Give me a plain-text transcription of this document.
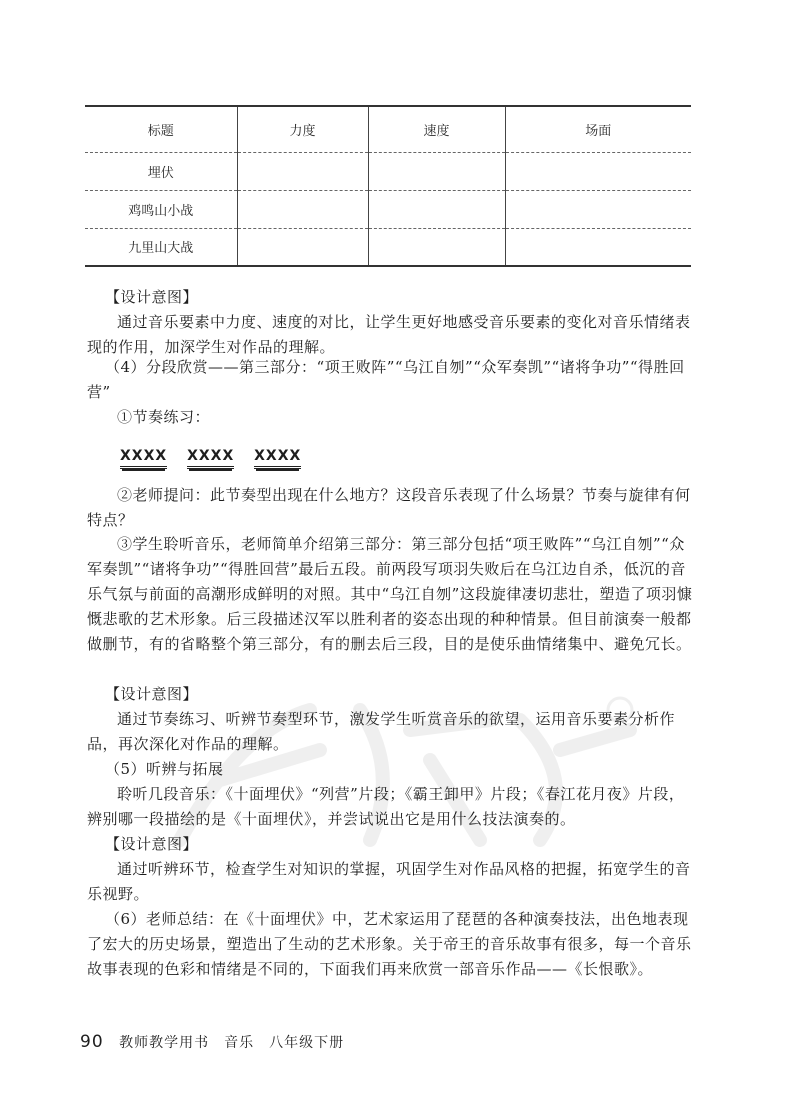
标题	力度	速度	场面
埋伏			
鸡鸣山小战			
九里山大战			

【设计意图】

通过音乐要素中力度、速度的对比，让学生更好地感受音乐要素的变化对音乐情绪表现的作用，加深学生对作品的理解。

（4）分段欣赏——第三部分：“项王败阵”“乌江自刎”“众军奏凯”“诸将争功”“得胜回营”

①节奏练习：

XXXX XXXX XXXX

②老师提问：此节奏型出现在什么地方？这段音乐表现了什么场景？节奏与旋律有何特点？

③学生聆听音乐，老师简单介绍第三部分：第三部分包括“项王败阵”“乌江自刎”“众军奏凯”“诸将争功”“得胜回营”最后五段。前两段写项羽失败后在乌江边自杀，低沉的音乐气氛与前面的高潮形成鲜明的对照。其中“乌江自刎”这段旋律凄切悲壮，塑造了项羽慷慨悲歌的艺术形象。后三段描述汉军以胜利者的姿态出现的种种情景。但目前演奏一般都做删节，有的省略整个第三部分，有的删去后三段，目的是使乐曲情绪集中、避免冗长。

【设计意图】

通过节奏练习、听辨节奏型环节，激发学生听赏音乐的欲望，运用音乐要素分析作品，再次深化对作品的理解。

（5）听辨与拓展

聆听几段音乐：《十面埋伏》“列营”片段；《霸王卸甲》片段；《春江花月夜》片段，辨别哪一段描绘的是《十面埋伏》，并尝试说出它是用什么技法演奏的。

【设计意图】

通过听辨环节，检查学生对知识的掌握，巩固学生对作品风格的把握，拓宽学生的音乐视野。

（6）老师总结：在《十面埋伏》中，艺术家运用了琵琶的各种演奏技法，出色地表现了宏大的历史场景，塑造出了生动的艺术形象。关于帝王的音乐故事有很多，每一个音乐故事表现的色彩和情绪是不同的，下面我们再来欣赏一部音乐作品——《长恨歌》。

90 教师教学用书　音乐　八年级下册
